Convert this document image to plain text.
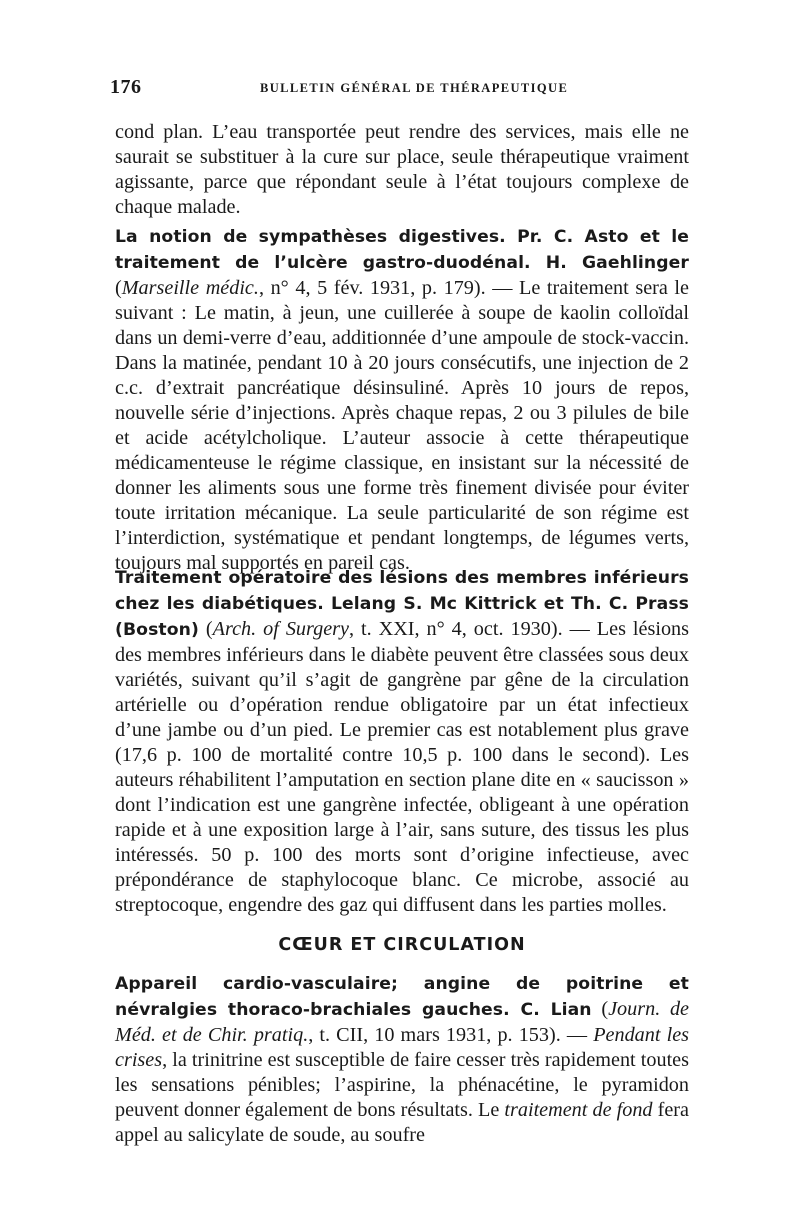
176	BULLETIN GÉNÉRAL DE THÉRAPEUTIQUE

cond plan. L’eau transportée peut rendre des services, mais elle ne saurait se substituer à la cure sur place, seule thérapeutique vraiment agissante, parce que répondant seule à l’état toujours complexe de chaque malade.

La notion de sympathèses digestives. Pr. C. Asto et le traitement de l’ulcère gastro-duodénal. H. Gaehlinger (Marseille médic., n° 4, 5 fév. 1931, p. 179). — Le traitement sera le suivant : Le matin, à jeun, une cuillerée à soupe de kaolin colloïdal dans un demi-verre d’eau, additionnée d’une ampoule de stock-vaccin. Dans la matinée, pendant 10 à 20 jours consécutifs, une injection de 2 c.c. d’extrait pancréatique désinsuliné. Après 10 jours de repos, nouvelle série d’injections. Après chaque repas, 2 ou 3 pilules de bile et acide acétylcholique. L’auteur associe à cette thérapeutique médicamenteuse le régime classique, en insistant sur la nécessité de donner les aliments sous une forme très finement divisée pour éviter toute irritation mécanique. La seule particularité de son régime est l’interdiction, systématique et pendant longtemps, de légumes verts, toujours mal supportés en pareil cas.

Traitement opératoire des lésions des membres inférieurs chez les diabétiques. Lelang S. Mc Kittrick et Th. C. Prass (Boston) (Arch. of Surgery, t. XXI, n° 4, oct. 1930). — Les lésions des membres inférieurs dans le diabète peuvent être classées sous deux variétés, suivant qu’il s’agit de gangrène par gêne de la circulation artérielle ou d’opération rendue obligatoire par un état infectieux d’une jambe ou d’un pied. Le premier cas est notablement plus grave (17,6 p. 100 de mortalité contre 10,5 p. 100 dans le second). Les auteurs réhabilitent l’amputation en section plane dite en « saucisson » dont l’indication est une gangrène infectée, obligeant à une opération rapide et à une exposition large à l’air, sans suture, des tissus les plus intéressés. 50 p. 100 des morts sont d’origine infectieuse, avec prépondérance de staphylocoque blanc. Ce microbe, associé au streptocoque, engendre des gaz qui diffusent dans les parties molles.

CŒUR ET CIRCULATION

Appareil cardio-vasculaire; angine de poitrine et névralgies thoraco-brachiales gauches. C. Lian (Journ. de Méd. et de Chir. pratiq., t. CII, 10 mars 1931, p. 153). — Pendant les crises, la trinitrine est susceptible de faire cesser très rapidement toutes les sensations pénibles; l’aspirine, la phénacétine, le pyramidon peuvent donner également de bons résultats. Le traitement de fond fera appel au salicylate de soude, au soufre
